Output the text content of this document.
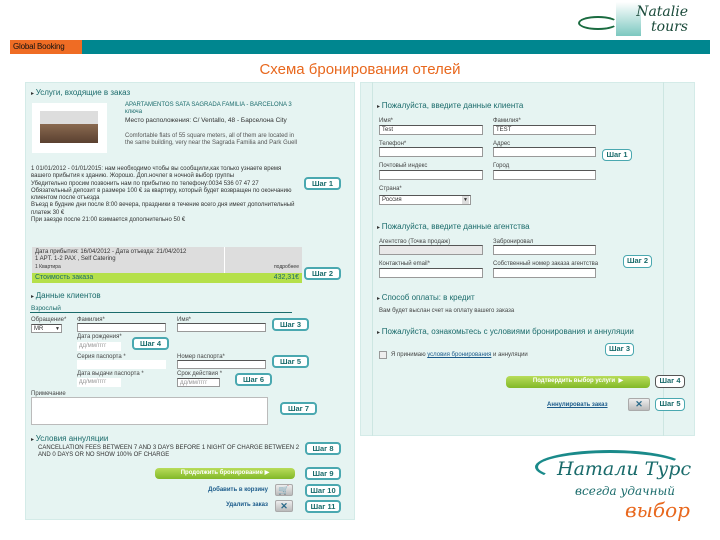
Natalie tours
Global Booking
Схема бронирования отелей
▸ Услуги, входящие в заказ
APARTAMENTOS SATA SAGRADA FAMILIA - BARCELONA 3 ключа
Место расположения: C/ Ventallo, 48 - Барселона City
Comfortable flats of 55 square meters, all of them are located in the same building, very near the Sagrada Familia and Park Guell
1 01/01/2012 - 01/01/2015: нам необходимо чтобы вы сообщили,как только узнаете время вашего прибытия к зданию. Жорошо. Доп.ночлег в ночной выбор группы
Убедительно просим позвонить нам по прибытию по телефону:0034 536 07 47 27
Обязательный депозит в размере 100 € за квартиру, который будет возвращен по окончанию клиентом после отъезда
Въезд в будние дни после 8:00 вечера, праздники в течение всего дня имеет дополнительный платеж 30 €
При заезде после 21:00 взимается дополнительно 50 €
Дата прибытия: 16/04/2012 - Дата отъезда: 21/04/2012
1 APT. 1-2 PAX , Self Catering
1 Квартира	подробнее
Стоимость заказа	432,31€
▸ Данные клиентов
Взрослый
Обращение* Фамилия*	Имя*
MR ▼
Дата рождения*
дд/мм/гггг
Серия паспорта *	Номер паспорта*
Дата выдачи паспорта *	Срок действия *
дд/мм/гггг	дд/мм/гггг
Примечание
▸ Условия аннуляции
CANCELLATION FEES BETWEEN 7 AND 3 DAYS BEFORE 1 NIGHT OF CHARGE BETWEEN 2 AND 0 DAYS OR NO SHOW 100% OF CHARGE
Продолжить бронирование ▶
Добавить в корзину	🛒
Удалить заказ	✕
Шаг 1
Шаг 2
Шаг 3
Шаг 4
Шаг 5
Шаг 6
Шаг 7
Шаг 8
Шаг 9
Шаг 10
Шаг 11
▸ Пожалуйста, введите данные клиента
Имя*	Фамилия*
Test	TEST
Телефон*	Адрес
Почтовый индекс	Город
Страна*
Россия	▼
▸ Пожалуйста, введите данные агентства
Агентство (Точка продаж)	Забронировал
Контактный email*	Собственный номер заказа агентства
▸ Способ оплаты: в кредит
Вам будет выслан счет на оплату вашего заказа
▸ Пожалуйста, ознакомьтесь с условиями бронирования и аннуляции
Я принимаю условия бронирования и аннуляции
Подтвердить выбор услуги ▶
Аннулировать заказ	✕
Шаг 1
Шаг 2
Шаг 3
Шаг 4
Шаг 5
Натали Турс
всегда удачный
выбор
